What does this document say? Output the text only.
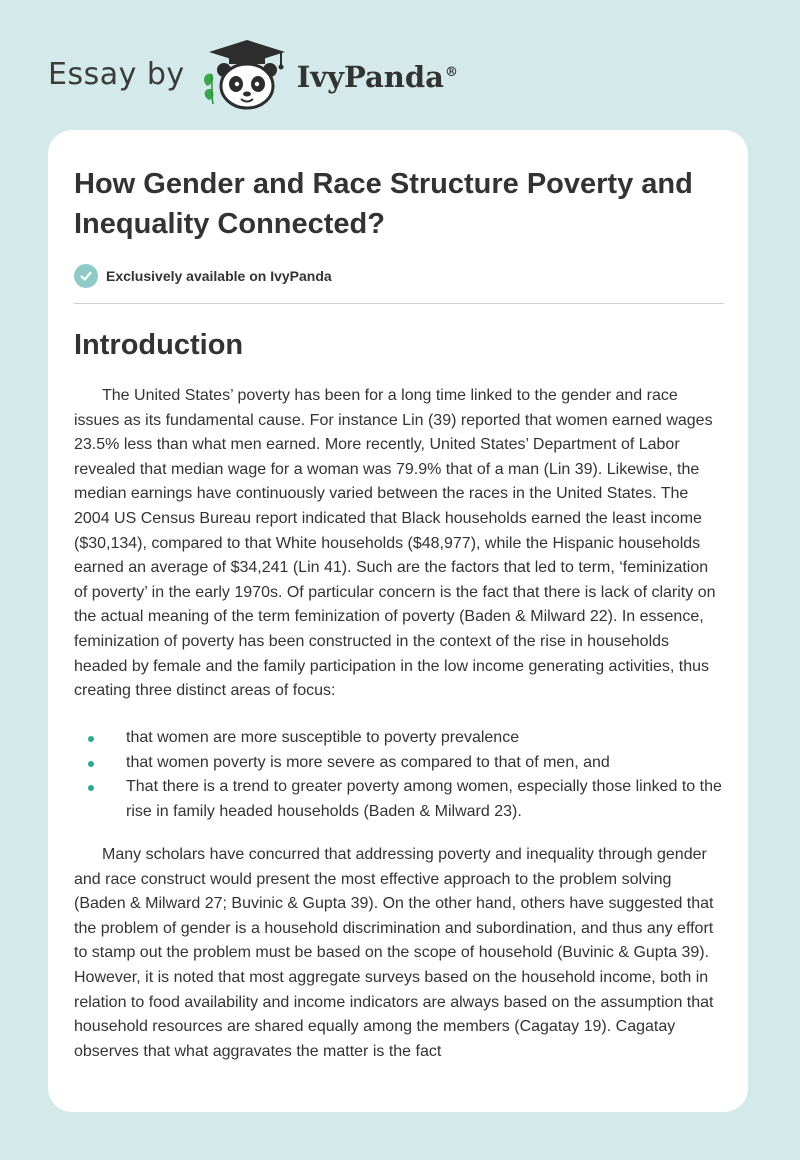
Essay by	IvyPanda®
How Gender and Race Structure Poverty and Inequality Connected?
Exclusively available on IvyPanda
Introduction

The United States’ poverty has been for a long time linked to the gender and race issues as its fundamental cause. For instance Lin (39) reported that women earned wages 23.5% less than what men earned. More recently, United States’ Department of Labor revealed that median wage for a woman was 79.9% that of a man (Lin 39). Likewise, the median earnings have continuously varied between the races in the United States. The 2004 US Census Bureau report indicated that Black households earned the least income ($30,134), compared to that White households ($48,977), while the Hispanic households earned an average of $34,241 (Lin 41). Such are the factors that led to term, ‘feminization of poverty’ in the early 1970s. Of particular concern is the fact that there is lack of clarity on the actual meaning of the term feminization of poverty (Baden & Milward 22). In essence, feminization of poverty has been constructed in the context of the rise in households headed by female and the family participation in the low income generating activities, thus creating three distinct areas of focus:

that women are more susceptible to poverty prevalence
that women poverty is more severe as compared to that of men, and
That there is a trend to greater poverty among women, especially those linked to the rise in family headed households (Baden & Milward 23).

Many scholars have concurred that addressing poverty and inequality through gender and race construct would present the most effective approach to the problem solving (Baden & Milward 27; Buvinic & Gupta 39). On the other hand, others have suggested that the problem of gender is a household discrimination and subordination, and thus any effort to stamp out the problem must be based on the scope of household (Buvinic & Gupta 39). However, it is noted that most aggregate surveys based on the household income, both in relation to food availability and income indicators are always based on the assumption that household resources are shared equally among the members (Cagatay 19). Cagatay observes that what aggravates the matter is the fact
